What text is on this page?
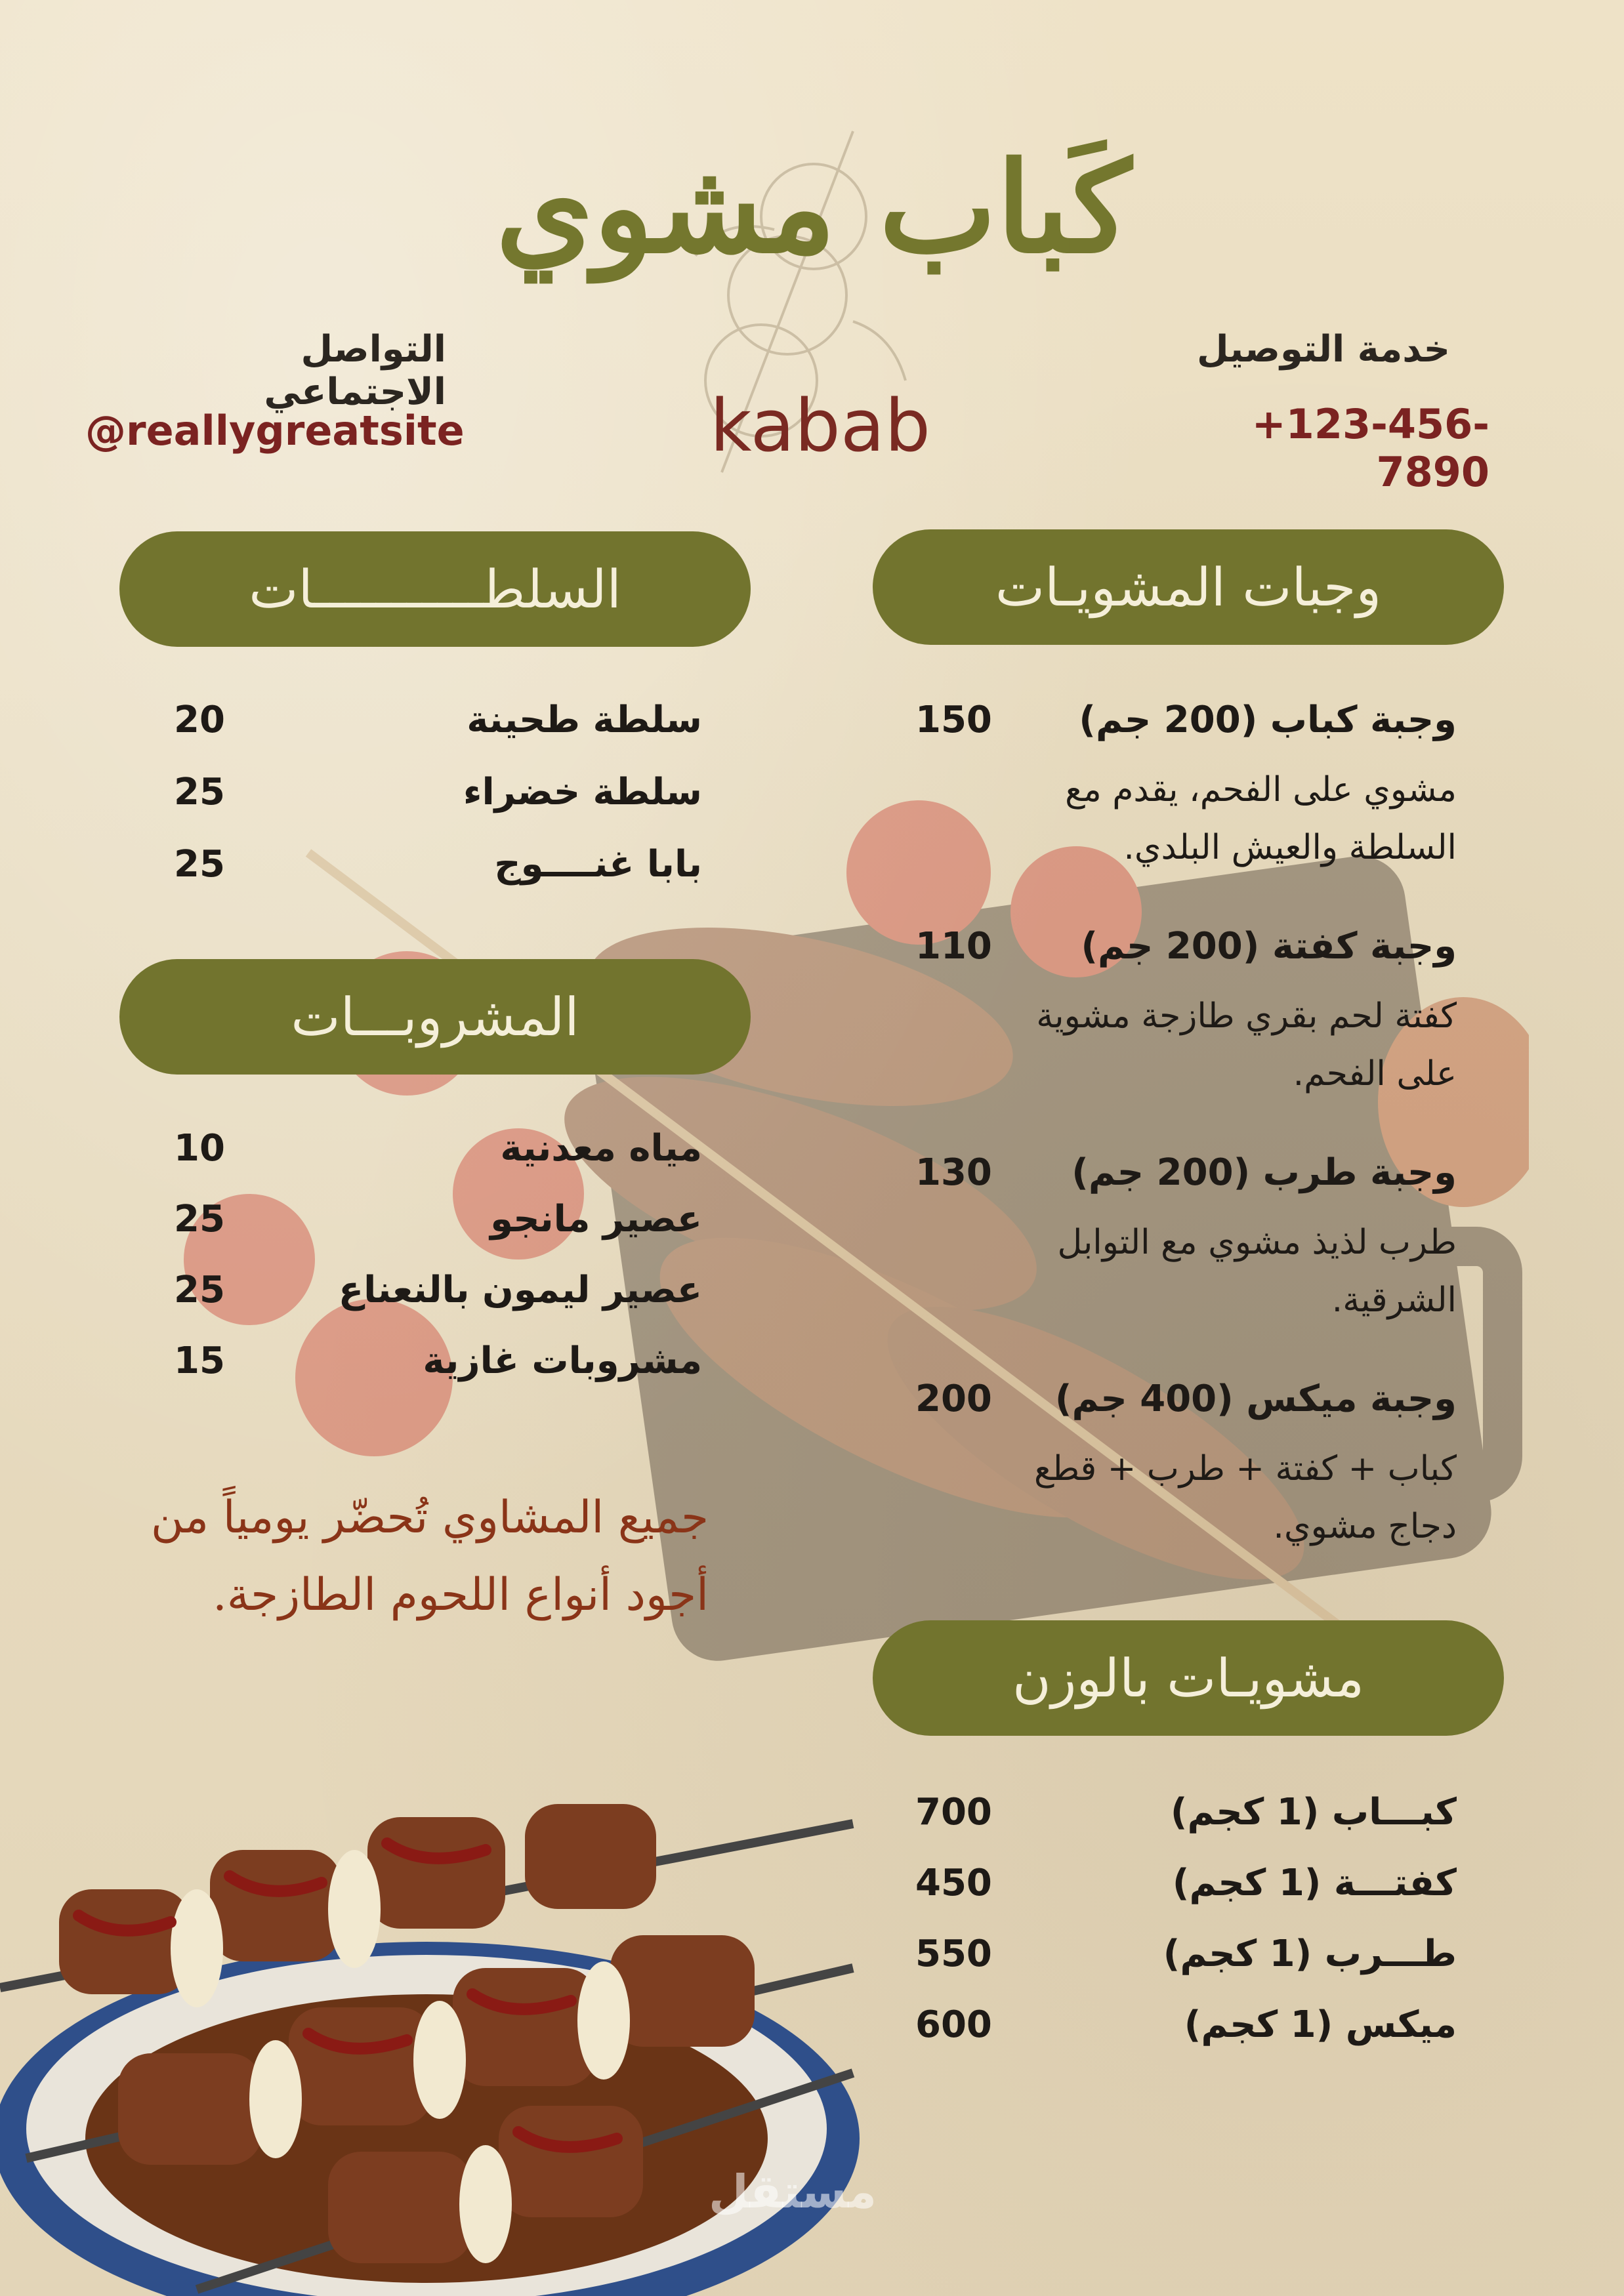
كَباب مشوي
kabab
التواصل الاجتماعي
@reallygreatsite
خدمة التوصيل
+123-456-7890
السلطـــــــــــات
سلطة طحينة
20
سلطة خضراء
25
بابا غنــــوج
25
المشروبـــات
مياه معدنية
10
عصير مانجو
25
عصير ليمون بالنعناع
25
مشروبات غازية
15
جميع المشاوي تُحضّر يومياً من أجود أنواع اللحوم الطازجة.
وجبات المشويـات
وجبة كباب (200 جم)
150
مشوي على الفحم، يقدم مع السلطة والعيش البلدي.
وجبة كفتة (200 جم)
110
كفتة لحم بقري طازجة مشوية على الفحم.
وجبة طرب (200 جم)
130
طرب لذيذ مشوي مع التوابل الشرقية.
وجبة ميكس (400 جم)
200
كباب + كفتة + طرب + قطع دجاج مشوي.
مشويـات بالوزن
كبـــاب (1 كجم)
700
كفتـــة (1 كجم)
450
طـــرب (1 كجم)
550
ميكس (1 كجم)
600
مستقل
